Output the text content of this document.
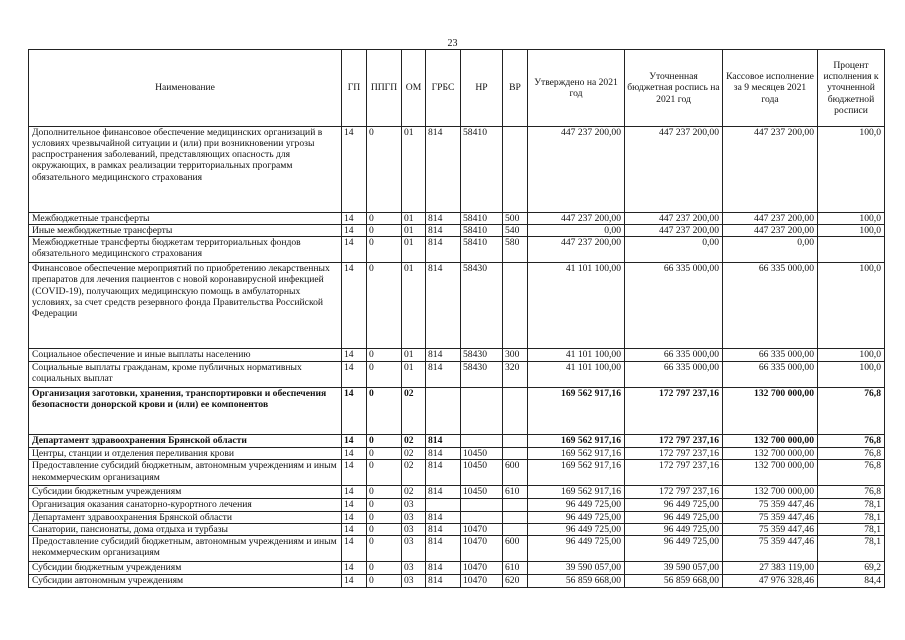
23
Наименование	ГП	ППГП	ОМ	ГРБС	НР	ВР	Утверждено на 2021 год	Уточненная бюджетная роспись на 2021 год	Кассовое исполнение за 9 месяцев 2021 года	Процент исполнения к уточненной бюджетной росписи
Дополнительное финансовое обеспечение медицинских организаций в условиях чрезвычайной ситуации и (или) при возникновении угрозы распространения заболеваний, представляющих опасность для окружающих, в рамках реализации территориальных программ обязательного медицинского страхования	14	0	01	814	58410		447 237 200,00	447 237 200,00	447 237 200,00	100,0
Межбюджетные трансферты	14	0	01	814	58410	500	447 237 200,00	447 237 200,00	447 237 200,00	100,0
Иные межбюджетные трансферты	14	0	01	814	58410	540	0,00	447 237 200,00	447 237 200,00	100,0
Межбюджетные трансферты бюджетам территориальных фондов обязательного медицинского страхования	14	0	01	814	58410	580	447 237 200,00	0,00	0,00	
Финансовое обеспечение мероприятий по приобретению лекарственных препаратов для лечения пациентов с новой коронавирусной инфекцией (COVID-19), получающих медицинскую помощь в амбулаторных условиях, за счет средств резервного фонда Правительства Российской Федерации	14	0	01	814	58430		41 101 100,00	66 335 000,00	66 335 000,00	100,0
Социальное обеспечение и иные выплаты населению	14	0	01	814	58430	300	41 101 100,00	66 335 000,00	66 335 000,00	100,0
Социальные выплаты гражданам, кроме публичных нормативных социальных выплат	14	0	01	814	58430	320	41 101 100,00	66 335 000,00	66 335 000,00	100,0
Организация заготовки, хранения, транспортировки и обеспечения безопасности донорской крови и (или) ее компонентов	14	0	02				169 562 917,16	172 797 237,16	132 700 000,00	76,8
Департамент здравоохранения Брянской области	14	0	02	814			169 562 917,16	172 797 237,16	132 700 000,00	76,8
Центры, станции и отделения переливания крови	14	0	02	814	10450		169 562 917,16	172 797 237,16	132 700 000,00	76,8
Предоставление субсидий бюджетным, автономным учреждениям и иным некоммерческим организациям	14	0	02	814	10450	600	169 562 917,16	172 797 237,16	132 700 000,00	76,8
Субсидии бюджетным учреждениям	14	0	02	814	10450	610	169 562 917,16	172 797 237,16	132 700 000,00	76,8
Организация оказания санаторно-курортного лечения	14	0	03				96 449 725,00	96 449 725,00	75 359 447,46	78,1
Департамент здравоохранения Брянской области	14	0	03	814			96 449 725,00	96 449 725,00	75 359 447,46	78,1
Санатории, пансионаты, дома отдыха и турбазы	14	0	03	814	10470		96 449 725,00	96 449 725,00	75 359 447,46	78,1
Предоставление субсидий бюджетным, автономным учреждениям и иным некоммерческим организациям	14	0	03	814	10470	600	96 449 725,00	96 449 725,00	75 359 447,46	78,1
Субсидии бюджетным учреждениям	14	0	03	814	10470	610	39 590 057,00	39 590 057,00	27 383 119,00	69,2
Субсидии автономным учреждениям	14	0	03	814	10470	620	56 859 668,00	56 859 668,00	47 976 328,46	84,4
